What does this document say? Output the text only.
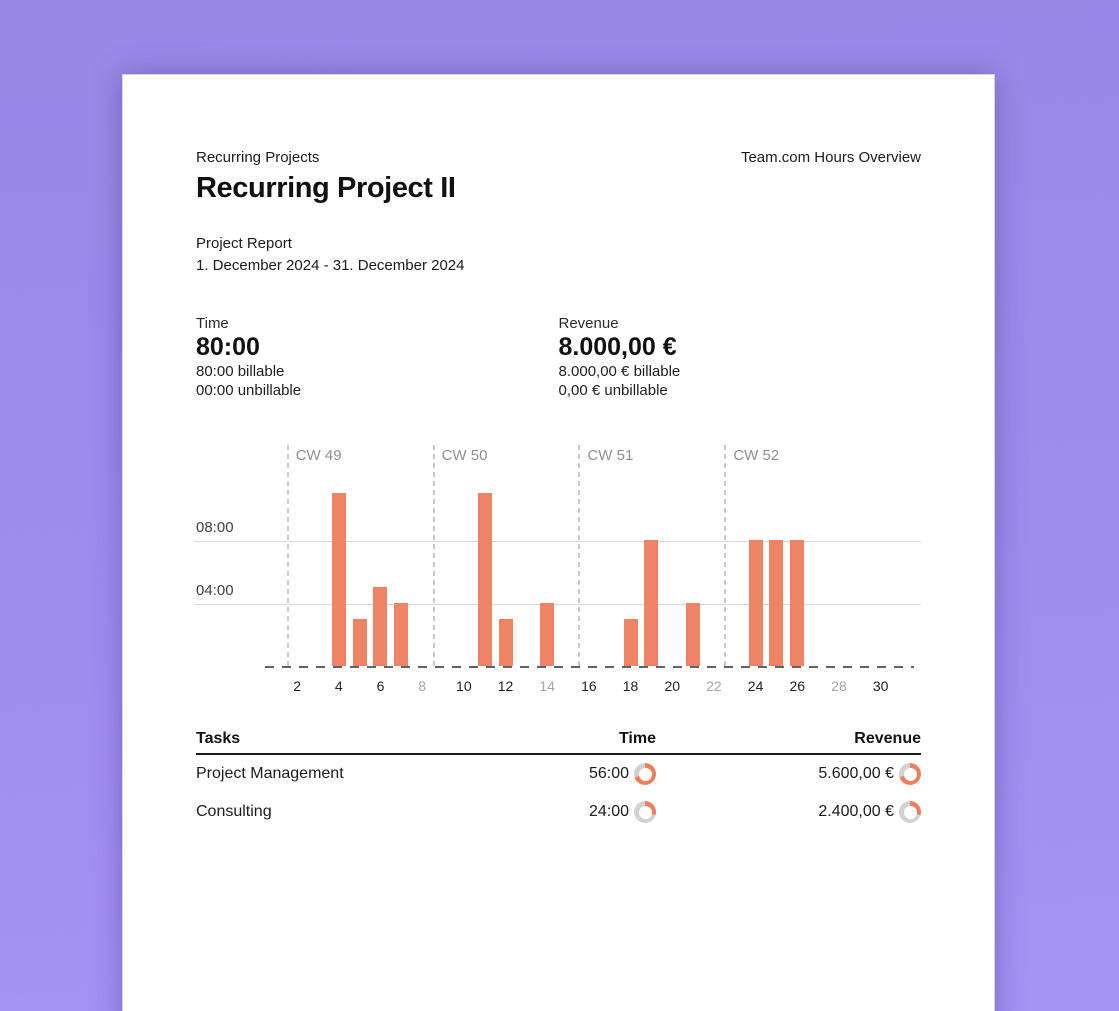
Recurring Projects	Team.com Hours Overview
Recurring Project II
Project Report
1. December 2024 - 31. December 2024
Time
80:00
80:00 billable
00:00 unbillable
Revenue
8.000,00 €
8.000,00 € billable
0,00 € unbillable
08:00
04:00
CW 49	CW 50	CW 51	CW 52
2	4	6	8	10	12	14	16	18	20	22	24	26	28	30
Tasks	Time	Revenue
Project Management	56:00	5.600,00 €
Consulting	24:00	2.400,00 €
